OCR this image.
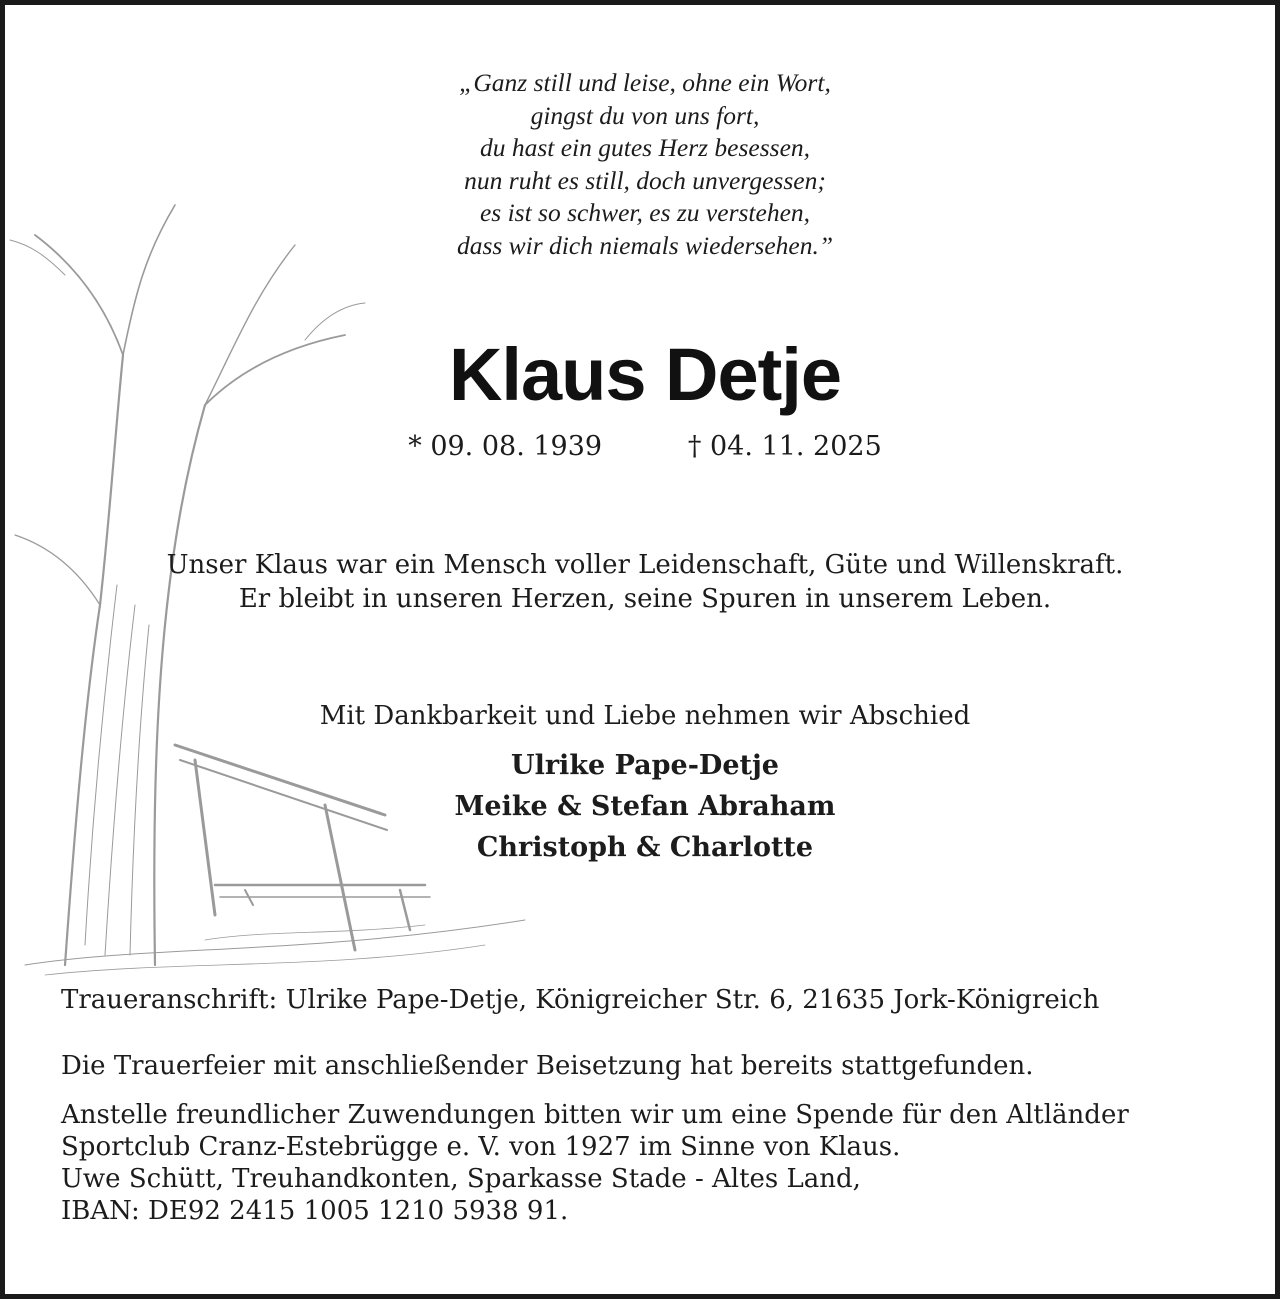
„Ganz still und leise, ohne ein Wort,
gingst du von uns fort,
du hast ein gutes Herz besessen,
nun ruht es still, doch unvergessen;
es ist so schwer, es zu verstehen,
dass wir dich niemals wiedersehen.”
Klaus Detje
* 09. 08. 1939	† 04. 11. 2025
Unser Klaus war ein Mensch voller Leidenschaft, Güte und Willenskraft.
Er bleibt in unseren Herzen, seine Spuren in unserem Leben.
Mit Dankbarkeit und Liebe nehmen wir Abschied
Ulrike Pape-Detje
Meike & Stefan Abraham
Christoph & Charlotte
Traueranschrift: Ulrike Pape-Detje, Königreicher Str. 6, 21635 Jork-Königreich
Die Trauerfeier mit anschließender Beisetzung hat bereits stattgefunden.
Anstelle freundlicher Zuwendungen bitten wir um eine Spende für den Altländer
Sportclub Cranz-Estebrügge e. V. von 1927 im Sinne von Klaus.
Uwe Schütt, Treuhandkonten, Sparkasse Stade - Altes Land,
IBAN: DE92 2415 1005 1210 5938 91.
